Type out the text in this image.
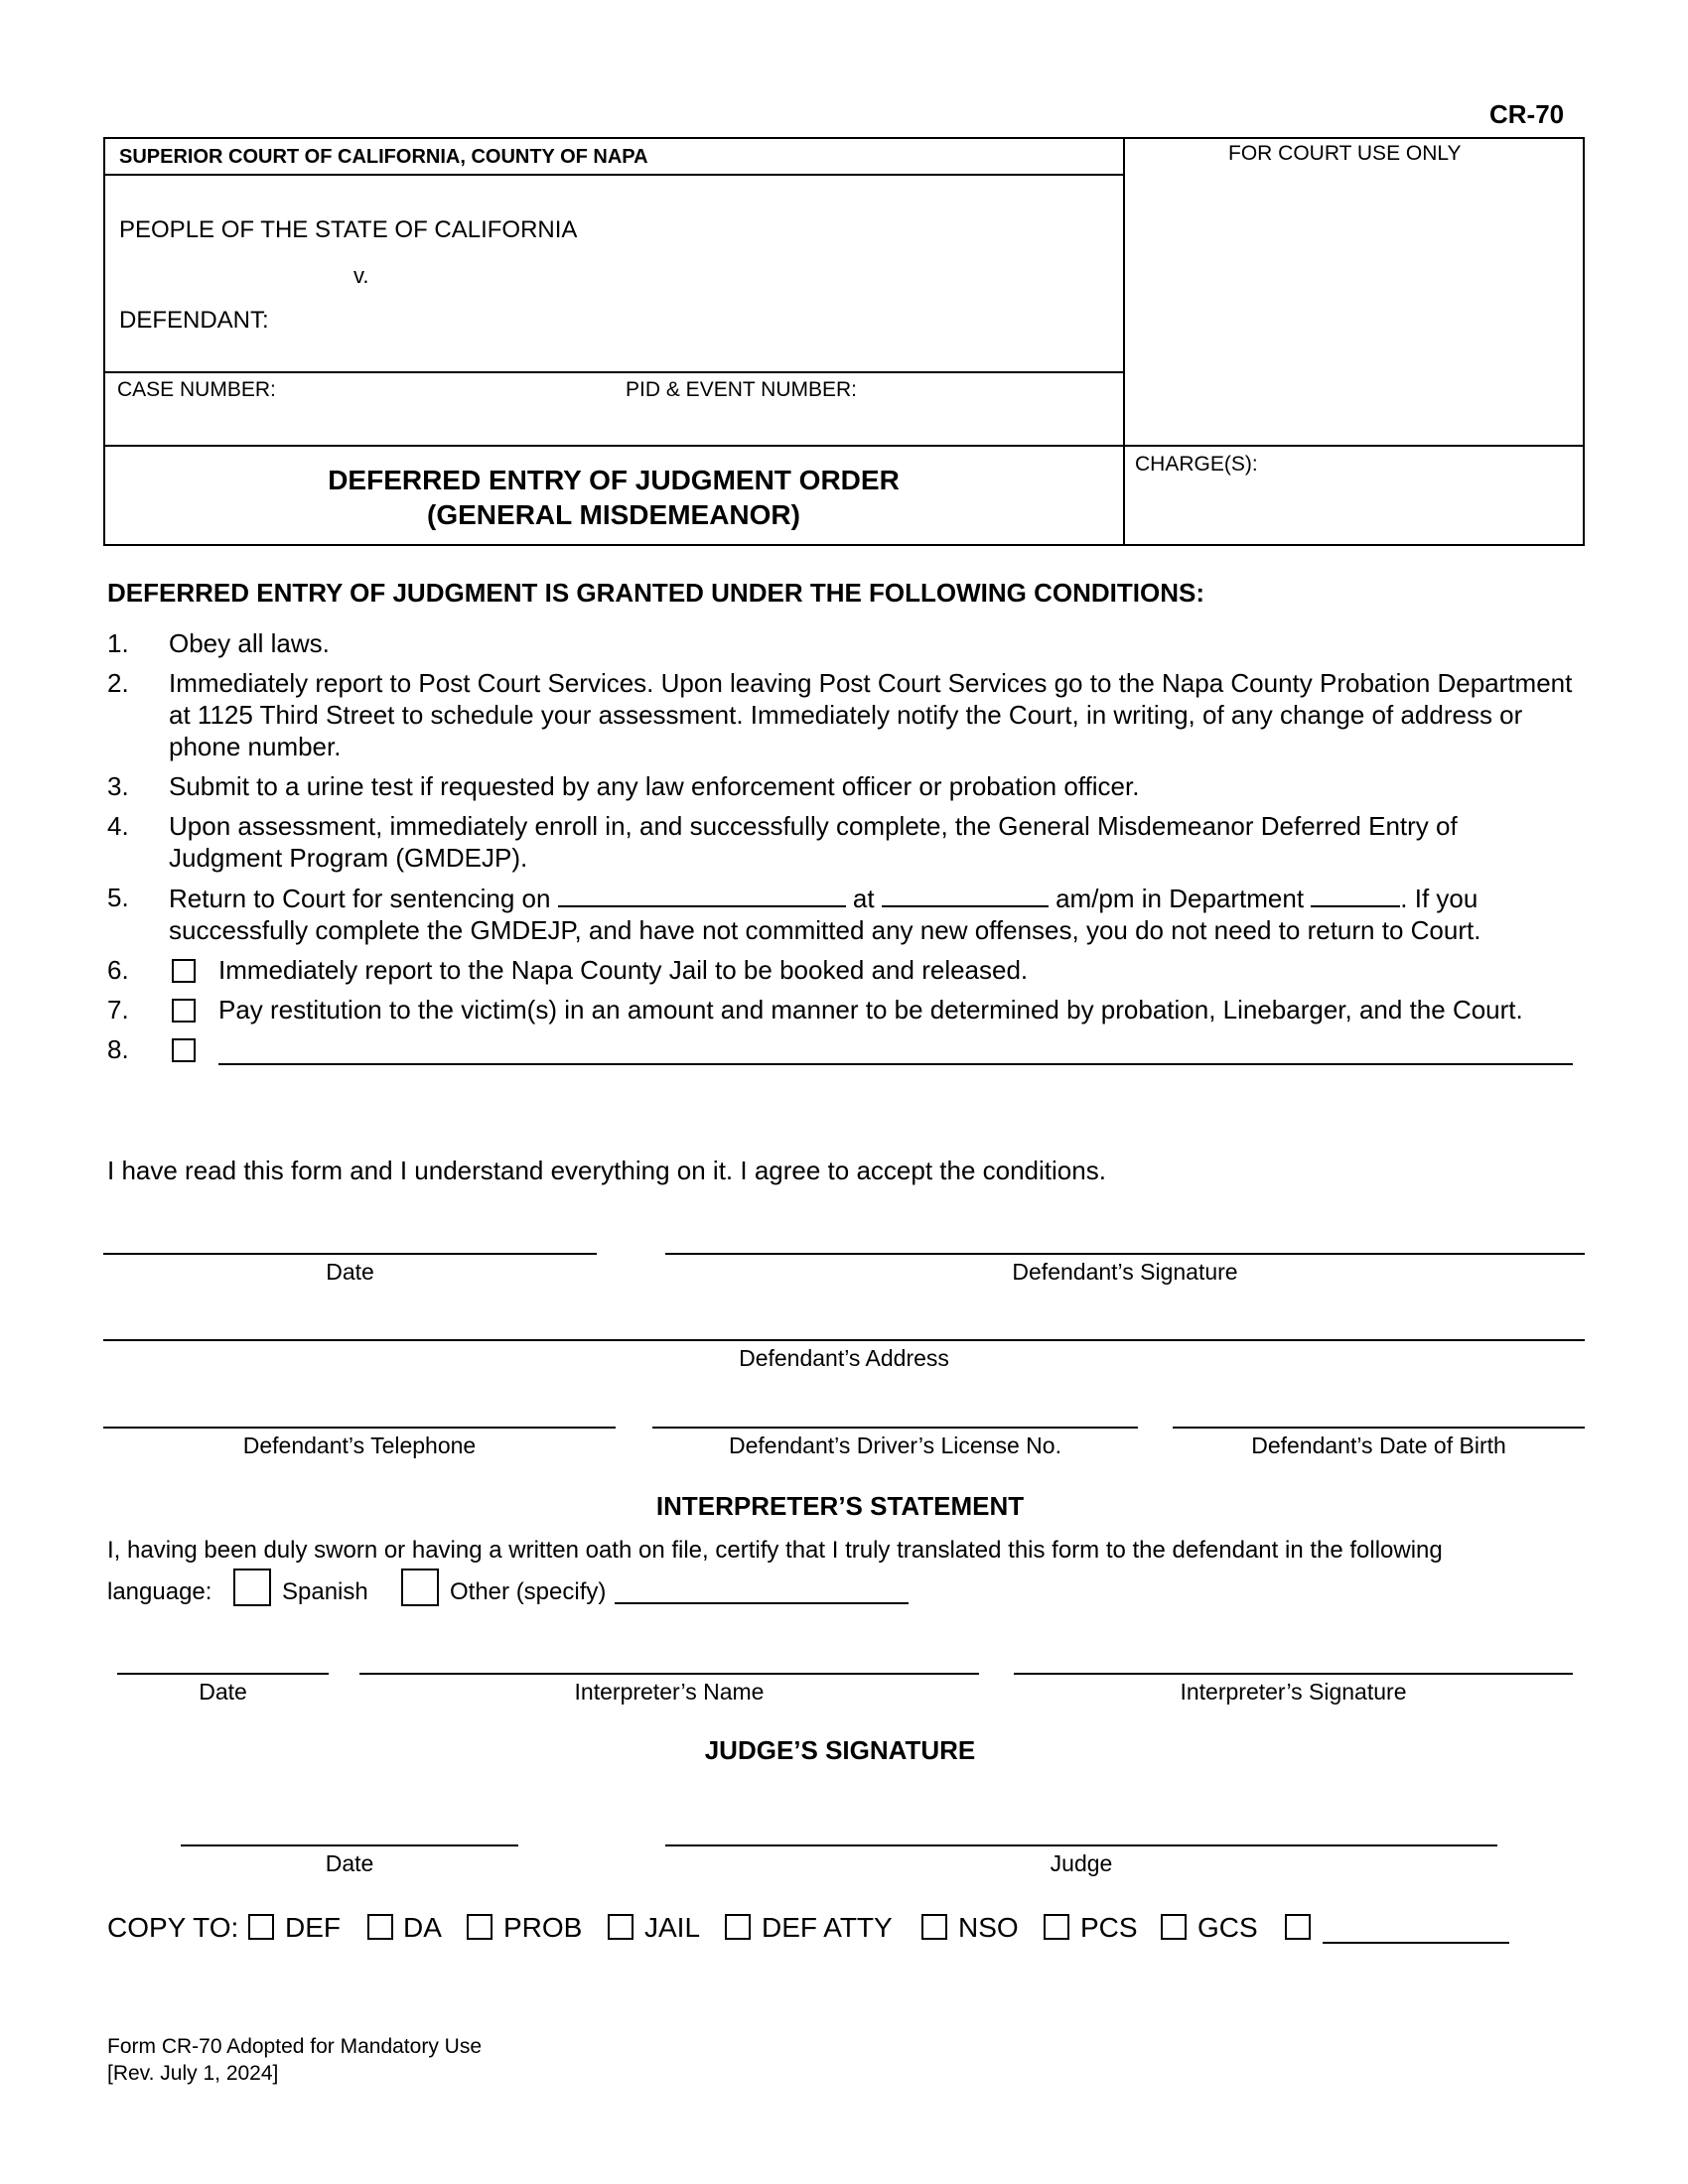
CR-70
SUPERIOR COURT OF CALIFORNIA, COUNTY OF NAPA	FOR COURT USE ONLY
PEOPLE OF THE STATE OF CALIFORNIA
v.
DEFENDANT:
CASE NUMBER:	PID & EVENT NUMBER:
CHARGE(S):
DEFERRED ENTRY OF JUDGMENT ORDER
(GENERAL MISDEMEANOR)
DEFERRED ENTRY OF JUDGMENT IS GRANTED UNDER THE FOLLOWING CONDITIONS:
1. Obey all laws.
2. Immediately report to Post Court Services. Upon leaving Post Court Services go to the Napa County Probation Department at 1125 Third Street to schedule your assessment. Immediately notify the Court, in writing, of any change of address or phone number.
3. Submit to a urine test if requested by any law enforcement officer or probation officer.
4. Upon assessment, immediately enroll in, and successfully complete, the General Misdemeanor Deferred Entry of Judgment Program (GMDEJP).
5. Return to Court for sentencing on	at	am/pm in Department	. If you successfully complete the GMDEJP, and have not committed any new offenses, you do not need to return to Court.
6.	Immediately report to the Napa County Jail to be booked and released.
7.	Pay restitution to the victim(s) in an amount and manner to be determined by probation, Linebarger, and the Court.
8.
I have read this form and I understand everything on it. I agree to accept the conditions.
Date	Defendant’s Signature
Defendant’s Address
Defendant’s Telephone	Defendant’s Driver’s License No.	Defendant’s Date of Birth
INTERPRETER’S STATEMENT
I, having been duly sworn or having a written oath on file, certify that I truly translated this form to the defendant in the following
language:	Spanish	Other (specify)
Date	Interpreter’s Name	Interpreter’s Signature
JUDGE’S SIGNATURE
Date	Judge
COPY TO: DEF DA PROB JAIL DEF ATTY NSO PCS GCS
Form CR-70 Adopted for Mandatory Use
[Rev. July 1, 2024]
